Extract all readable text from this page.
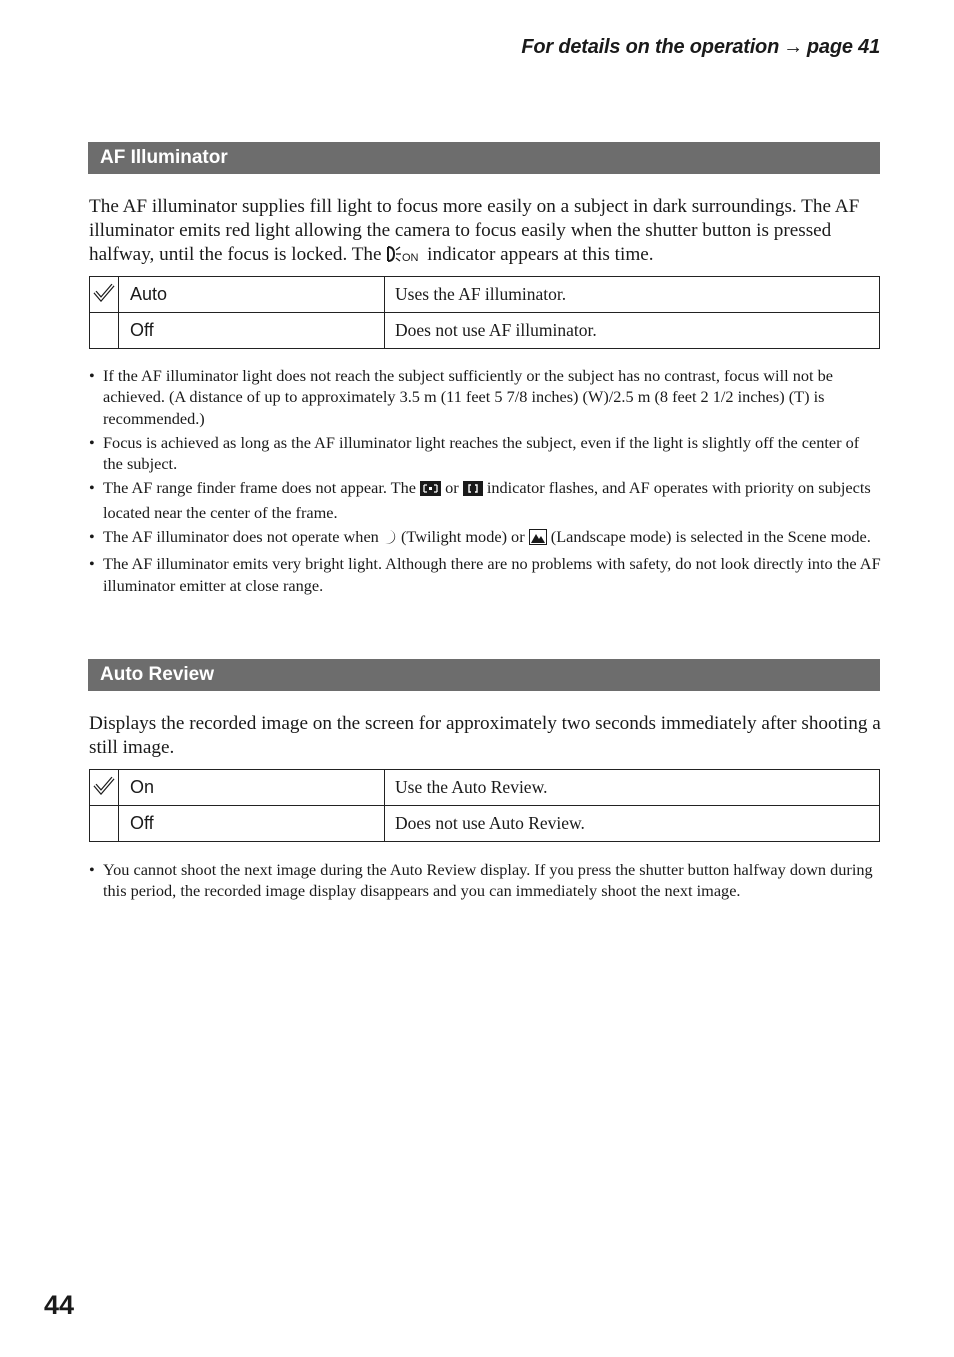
For details on the operation → page 41
AF Illuminator

The AF illuminator supplies fill light to focus more easily on a subject in dark surroundings. The AF illuminator emits red light allowing the camera to focus easily when the shutter button is pressed halfway, until the focus is locked. The ON indicator appears at this time.

	Auto	Uses the AF illuminator.
	Off	Does not use AF illuminator.
• If the AF illuminator light does not reach the subject sufficiently or the subject has no contrast, focus will not be achieved. (A distance of up to approximately 3.5 m (11 feet 5 7/8 inches) (W)/2.5 m (8 feet 2 1/2 inches) (T) is recommended.)
• Focus is achieved as long as the AF illuminator light reaches the subject, even if the light is slightly off the center of the subject.
• The AF range finder frame does not appear. The  or  indicator flashes, and AF operates with priority on subjects located near the center of the frame.
• The AF illuminator does not operate when  (Twilight mode) or  (Landscape mode) is selected in the Scene mode.
• The AF illuminator emits very bright light. Although there are no problems with safety, do not look directly into the AF illuminator emitter at close range.
Auto Review

Displays the recorded image on the screen for approximately two seconds immediately after shooting a still image.

	On	Use the Auto Review.
	Off	Does not use Auto Review.
• You cannot shoot the next image during the Auto Review display. If you press the shutter button halfway down during this period, the recorded image display disappears and you can immediately shoot the next image.
44
